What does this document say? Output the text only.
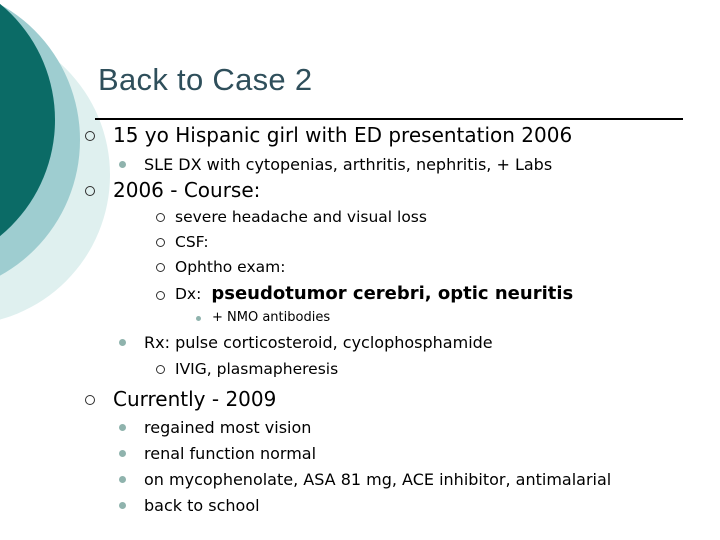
Back to Case 2
15 yo Hispanic girl with ED presentation 2006
SLE DX with cytopenias, arthritis, nephritis, + Labs
2006 - Course:
severe headache and visual loss
CSF:
Ophtho exam:
Dx: pseudotumor cerebri, optic neuritis
+ NMO antibodies
Rx: pulse corticosteroid, cyclophosphamide
IVIG, plasmapheresis
Currently - 2009
regained most vision
renal function normal
on mycophenolate, ASA 81 mg, ACE inhibitor, antimalarial
back to school
